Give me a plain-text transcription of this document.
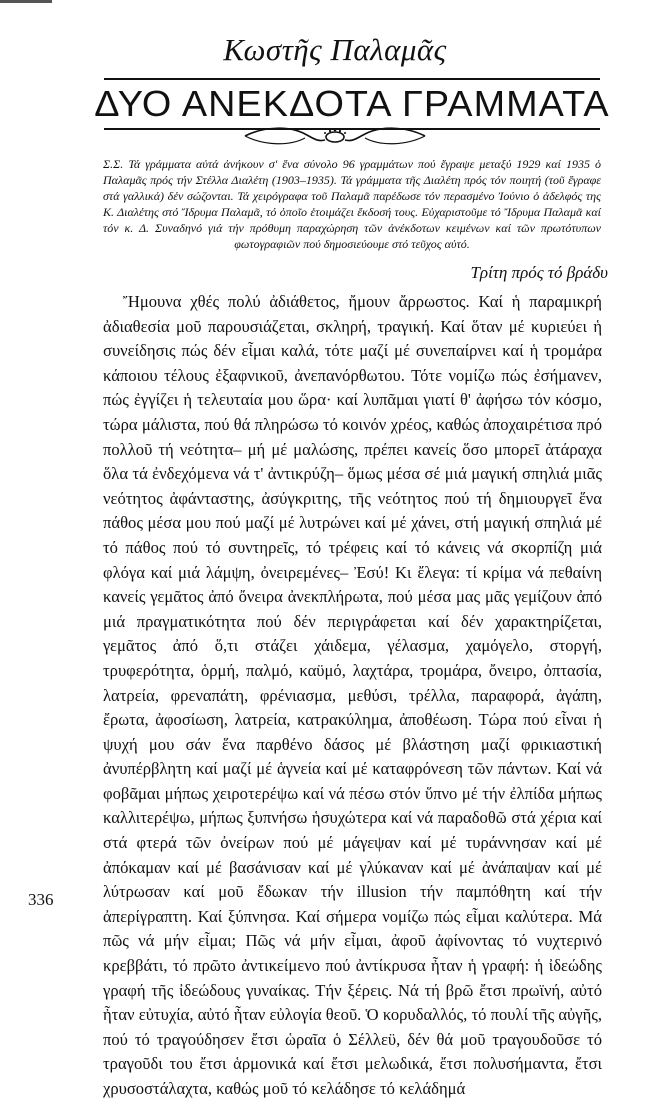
Κωστῆς Παλαμᾶς
ΔΥΟ ΑΝΕΚΔΟΤΑ ΓΡΑΜΜΑΤΑ
Σ.Σ. Τά γράμματα αὐτά ἀνήκουν σ' ἕνα σύνολο 96 γραμμάτων πού ἔγραψε μεταξύ 1929 καί 1935 ὁ Παλαμᾶς πρός τήν Στέλλα Διαλέτη (1903–1935). Τά γράμματα τῆς Διαλέτη πρός τόν ποιητή (τοῦ ἔγραφε στά γαλλικά) δέν σώζονται. Τά χειρόγραφα τοῦ Παλαμᾶ παρέδωσε τόν περασμένο Ἰούνιο ὁ ἀδελφός της Κ. Διαλέτης στό Ἴδρυμα Παλαμᾶ, τό ὁποῖο ἑτοιμάζει ἔκδοσή τους. Εὐχαριστοῦμε τό Ἴδρυμα Παλαμᾶ καί τόν κ. Δ. Συναδηνό γιά τήν πρόθυμη παραχώρηση τῶν ἀνέκδοτων κειμένων καί τῶν πρωτότυπων φωτογραφιῶν πού δημοσιεύουμε στό τεῦχος αὐτό.
Τρίτη πρός τό βράδυ
Ἤμουνα χθές πολύ ἀδιάθετος, ἤμουν ἄρρωστος. Καί ἡ παραμικρή ἀδιαθεσία μοῦ παρουσιάζεται, σκληρή, τραγική. Καί ὅταν μέ κυριεύει ἡ συνείδησις πώς δέν εἶμαι καλά, τότε μαζί μέ συνεπαίρνει καί ἡ τρομάρα κάποιου τέλους ἐξαφνικοῦ, ἀνεπανόρθωτου. Τότε νομίζω πώς ἐσήμανεν, πώς ἐγγίζει ἡ τελευταία μου ὥρα· καί λυπᾶμαι γιατί θ' ἀφήσω τόν κόσμο, τώρα μάλιστα, πού θά πληρώσω τό κοινόν χρέος, καθώς ἀποχαιρέτισα πρό πολλοῦ τή νεότητα– μή μέ μαλώσης, πρέπει κανείς ὅσο μπορεῖ ἀτάραχα ὅλα τά ἐνδεχόμενα νά τ' ἀντικρύζη– ὅμως μέσα σέ μιά μαγική σπηλιά μιᾶς νεότητος ἀφάνταστης, ἀσύγκριτης, τῆς νεότητος πού τή δημιουργεῖ ἕνα πάθος μέσα μου πού μαζί μέ λυτρώνει καί μέ χάνει, στή μαγική σπηλιά μέ τό πάθος πού τό συντηρεῖς, τό τρέφεις καί τό κάνεις νά σκορπίζη μιά φλόγα καί μιά λάμψη, ὀνειρεμένες– Ἐσύ! Κι ἔλεγα: τί κρίμα νά πεθαίνη κανείς γεμᾶτος ἀπό ὄνειρα ἀνεκπλήρωτα, πού μέσα μας μᾶς γεμίζουν ἀπό μιά πραγματικότητα πού δέν περιγράφεται καί δέν χαρακτηρίζεται, γεμᾶτος ἀπό ὅ,τι στάζει χάιδεμα, γέλασμα, χαμόγελο, στοργή, τρυφερότητα, ὁρμή, παλμό, καϋμό, λαχτάρα, τρομάρα, ὄνειρο, ὀπτασία, λατρεία, φρεναπάτη, φρένιασμα, μεθύσι, τρέλλα, παραφορά, ἀγάπη, ἔρωτα, ἀφοσίωση, λατρεία, κατρακύλημα, ἀποθέωση. Τώρα πού εἶναι ἡ ψυχή μου σάν ἕνα παρθένο δάσος μέ βλάστηση μαζί φρικιαστική ἀνυπέρβλητη καί μαζί μέ ἁγνεία καί μέ καταφρόνεση τῶν πάντων. Καί νά φοβᾶμαι μήπως χειροτερέψω καί νά πέσω στόν ὕπνο μέ τήν ἐλπίδα μήπως καλλιτερέψω, μήπως ξυπνήσω ἡσυχώτερα καί νά παραδοθῶ στά χέρια καί στά φτερά τῶν ὀνείρων πού μέ μάγεψαν καί μέ τυράννησαν καί μέ ἀπόκαμαν καί μέ βασάνισαν καί μέ γλύκαναν καί μέ ἀνάπαψαν καί μέ λύτρωσαν καί μοῦ ἔδωκαν τήν illusion τήν παμπόθητη καί τήν ἀπερίγραπτη. Καί ξύπνησα. Καί σήμερα νομίζω πώς εἶμαι καλύτερα. Μά πῶς νά μήν εἶμαι; Πῶς νά μήν εἶμαι, ἀφοῦ ἀφίνοντας τό νυχτερινό κρεββάτι, τό πρῶτο ἀντικείμενο πού ἀντίκρυσα ἦταν ἡ γραφή: ἡ ἰδεώδης γραφή τῆς ἰδεώδους γυναίκας. Τήν ξέρεις. Νά τή βρῶ ἔτσι πρωϊνή, αὐτό ἦταν εὐτυχία, αὐτό ἦταν εὐλογία θεοῦ. Ὁ κορυδαλλός, τό πουλί τῆς αὐγῆς, πού τό τραγούδησεν ἔτσι ὡραῖα ὁ Σέλλεϋ, δέν θά μοῦ τραγουδοῦσε τό τραγοῦδι του ἔτσι ἁρμονικά καί ἔτσι μελωδικά, ἔτσι πολυσήμαντα, ἔτσι χρυσοστάλαχτα, καθώς μοῦ τό κελάδησε τό κελάδημά
336
